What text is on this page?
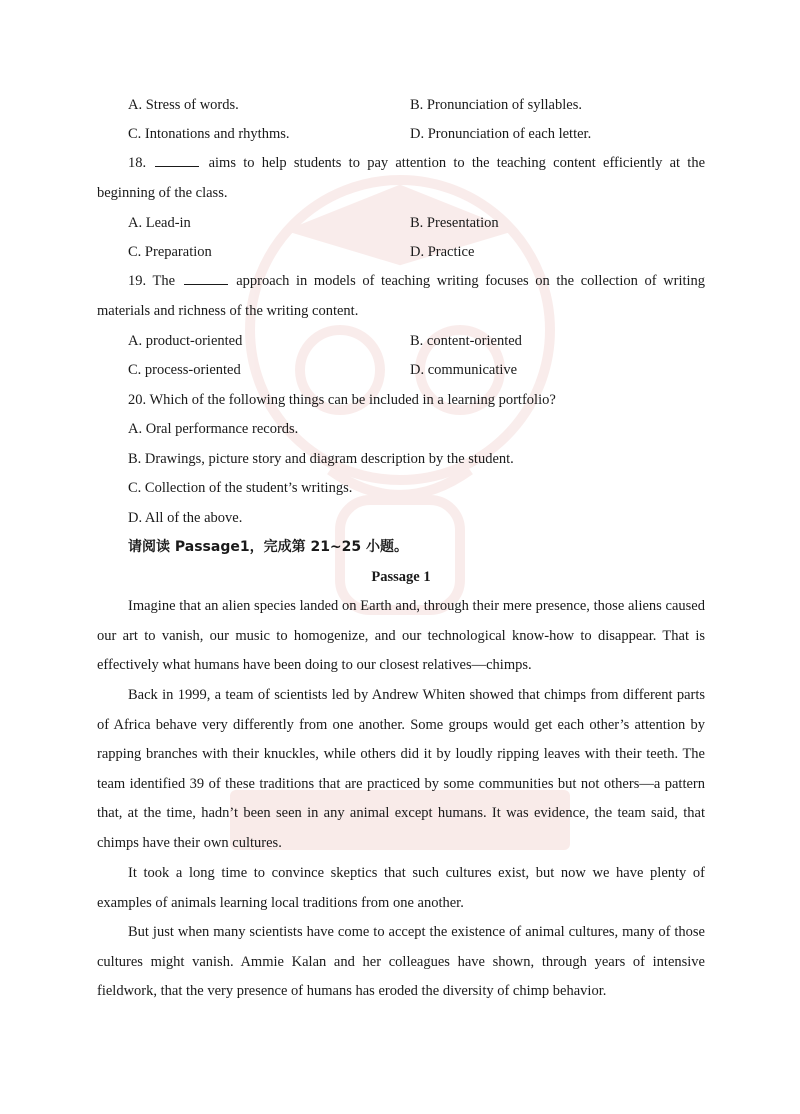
A. Stress of words.	B. Pronunciation of syllables.
C. Intonations and rhythms.	D. Pronunciation of each letter.

18.	aims to help students to pay attention to the teaching content efficiently at the beginning of the class.

A. Lead-in	B. Presentation
C. Preparation	D. Practice

19. The	approach in models of teaching writing focuses on the collection of writing materials and richness of the writing content.

A. product-oriented	B. content-oriented
C. process-oriented	D. communicative
20. Which of the following things can be included in a learning portfolio?
A. Oral performance records.
B. Drawings, picture story and diagram description by the student.
C. Collection of the student’s writings.
D. All of the above.
请阅读 Passage1，完成第 21~25 小题。
Passage 1

Imagine that an alien species landed on Earth and, through their mere presence, those aliens caused our art to vanish, our music to homogenize, and our technological know-how to disappear. That is effectively what humans have been doing to our closest relatives—chimps.

Back in 1999, a team of scientists led by Andrew Whiten showed that chimps from different parts of Africa behave very differently from one another. Some groups would get each other’s attention by rapping branches with their knuckles, while others did it by loudly ripping leaves with their teeth. The team identified 39 of these traditions that are practiced by some communities but not others—a pattern that, at the time, hadn’t been seen in any animal except humans. It was evidence, the team said, that chimps have their own cultures.

It took a long time to convince skeptics that such cultures exist, but now we have plenty of examples of animals learning local traditions from one another.

But just when many scientists have come to accept the existence of animal cultures, many of those cultures might vanish. Ammie Kalan and her colleagues have shown, through years of intensive fieldwork, that the very presence of humans has eroded the diversity of chimp behavior.
